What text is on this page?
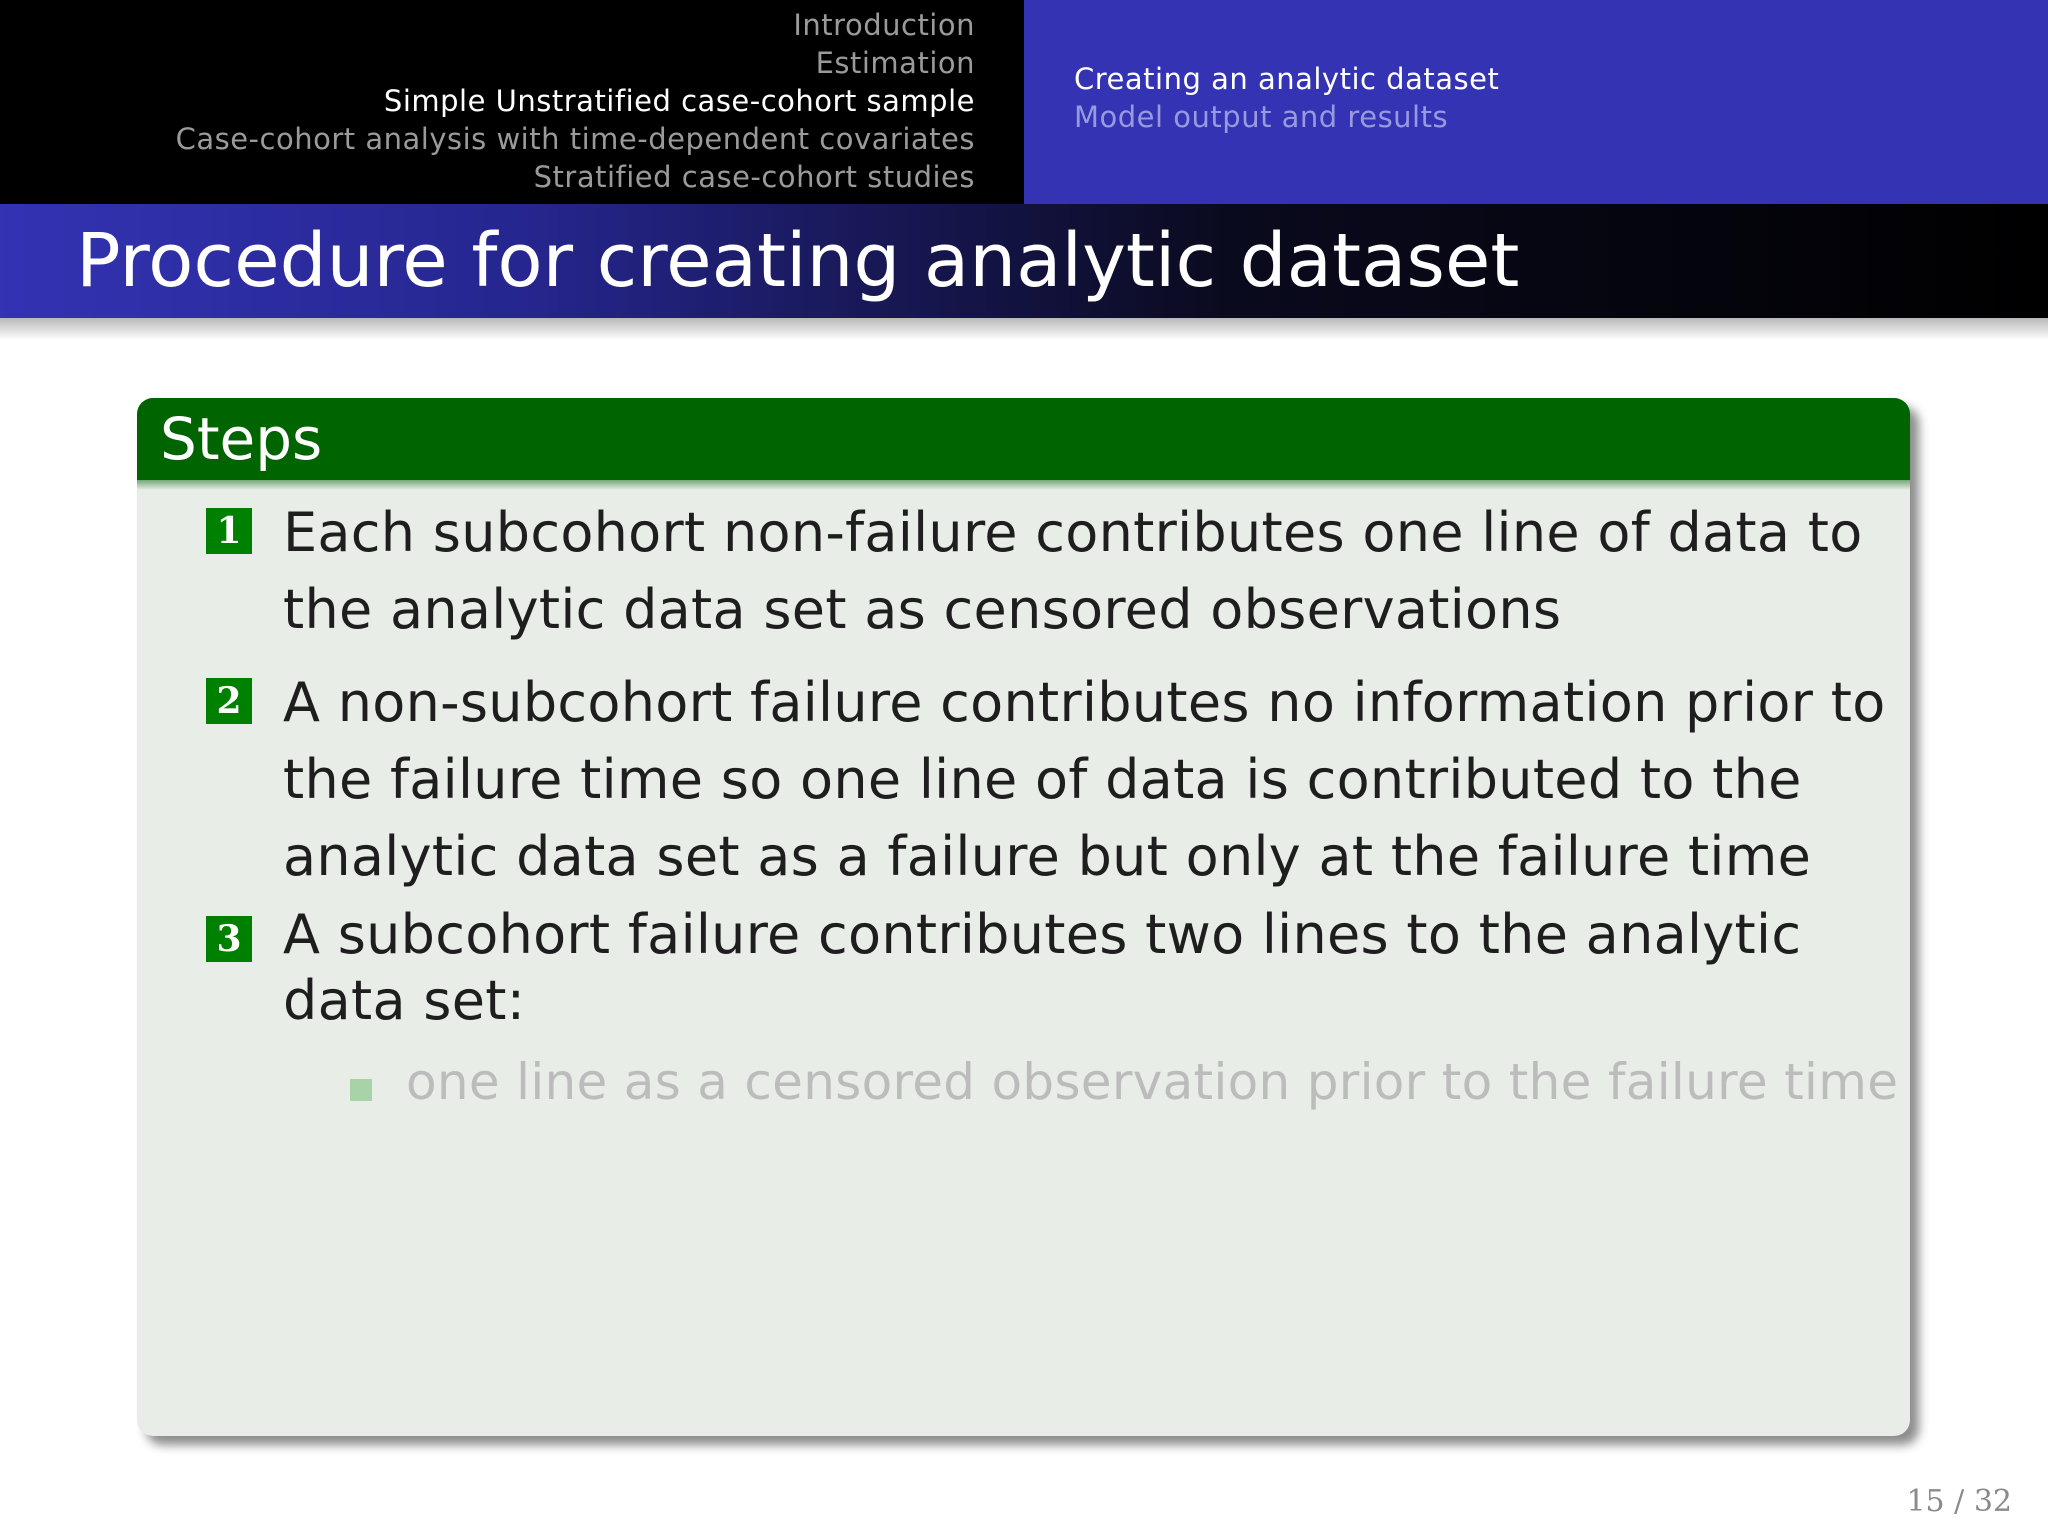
Introduction
Estimation
Simple Unstratified case-cohort sample
Case-cohort analysis with time-dependent covariates
Stratified case-cohort studies
Creating an analytic dataset
Model output and results
Procedure for creating analytic dataset
Steps
1 Each subcohort non-failure contributes one line of data to the analytic data set as censored observations
2 A non-subcohort failure contributes no information prior to the failure time so one line of data is contributed to the analytic data set as a failure but only at the failure time
3 A subcohort failure contributes two lines to the analytic data set:
one line as a censored observation prior to the failure time
15 / 32
